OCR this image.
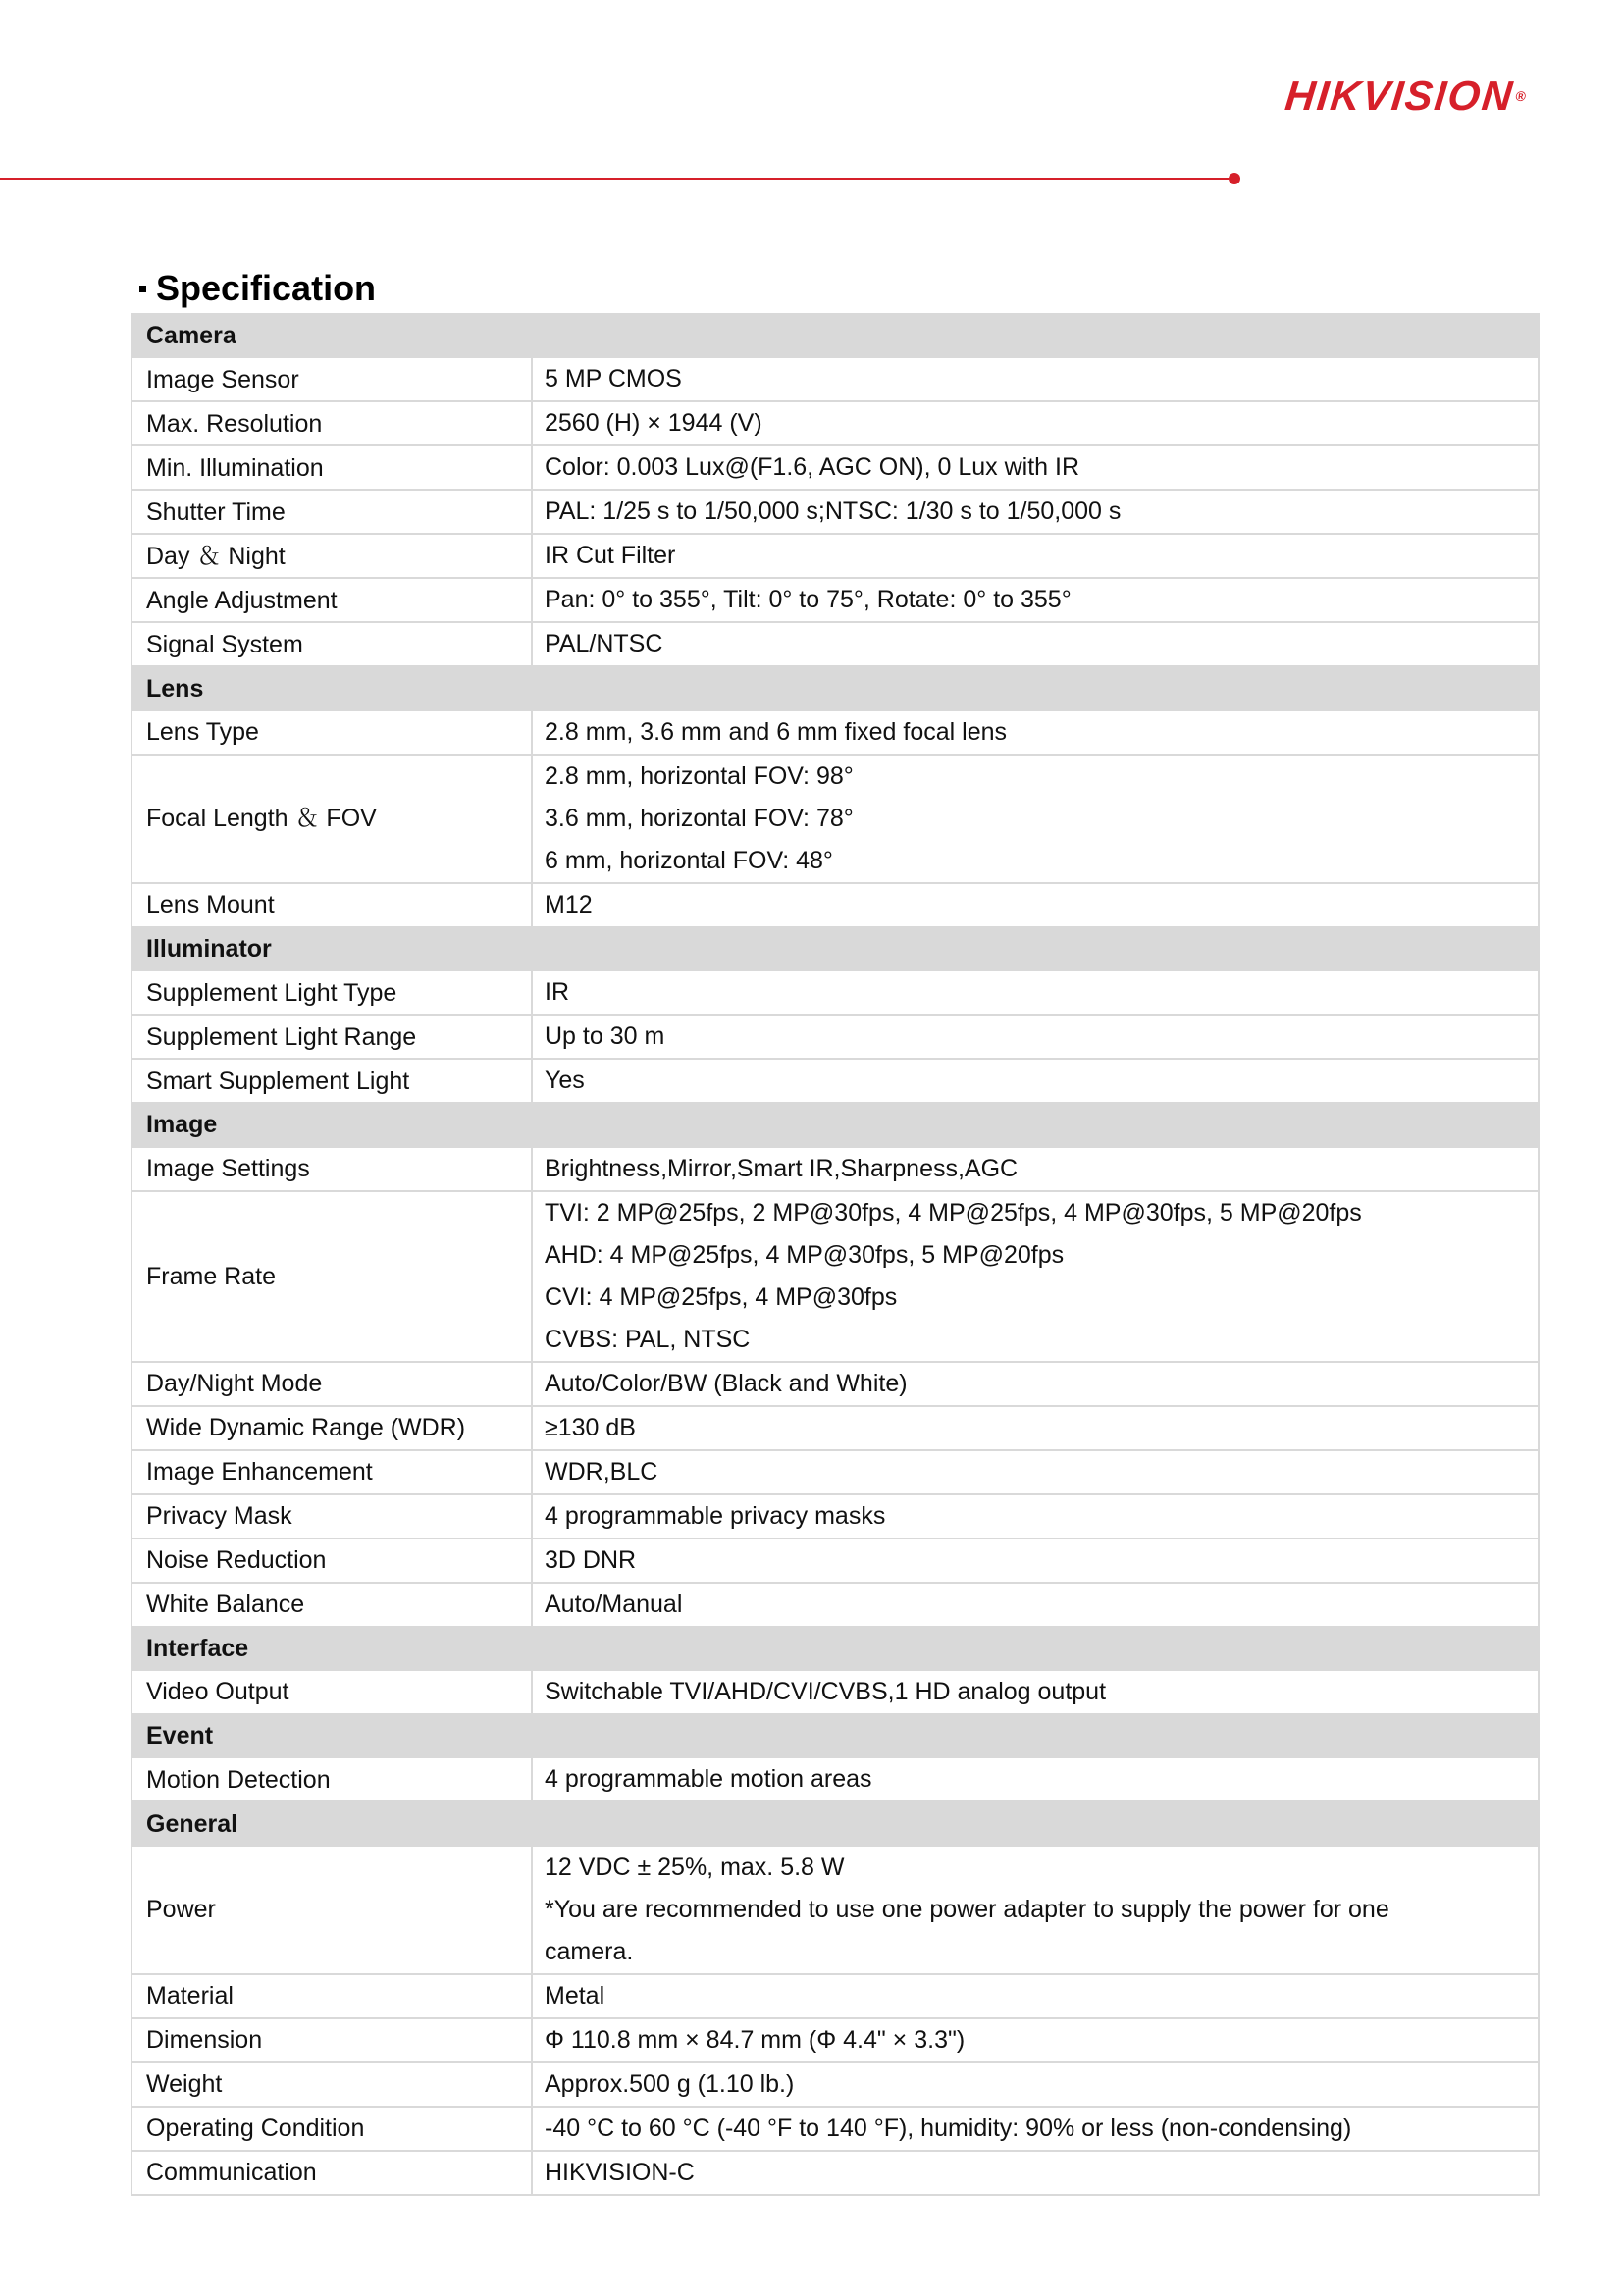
HIKVISION®
Specification
Camera	
Image Sensor	5 MP CMOS

Max. Resolution	2560 (H) × 1944 (V)

Min. Illumination	Color: 0.003 Lux@(F1.6, AGC ON), 0 Lux with IR

Shutter Time	PAL: 1/25 s to 1/50,000 s;NTSC: 1/30 s to 1/50,000 s

Day ＆ Night	IR Cut Filter

Angle Adjustment	Pan: 0° to 355°, Tilt: 0° to 75°, Rotate: 0° to 355°

Signal System	PAL/NTSC

Lens	
Lens Type	2.8 mm, 3.6 mm and 6 mm fixed focal lens

Focal Length ＆ FOV	2.8 mm, horizontal FOV: 98°
3.6 mm, horizontal FOV: 78°
6 mm, horizontal FOV: 48°

Lens Mount	M12

Illuminator	
Supplement Light Type	IR

Supplement Light Range	Up to 30 m

Smart Supplement Light	Yes

Image	
Image Settings	Brightness,Mirror,Smart IR,Sharpness,AGC

Frame Rate	TVI: 2 MP@25fps, 2 MP@30fps, 4 MP@25fps, 4 MP@30fps, 5 MP@20fps
AHD: 4 MP@25fps, 4 MP@30fps, 5 MP@20fps
CVI: 4 MP@25fps, 4 MP@30fps
CVBS: PAL, NTSC

Day/Night Mode	Auto/Color/BW (Black and White)

Wide Dynamic Range (WDR)	≥130 dB

Image Enhancement	WDR,BLC

Privacy Mask	4 programmable privacy masks

Noise Reduction	3D DNR

White Balance	Auto/Manual

Interface	
Video Output	Switchable TVI/AHD/CVI/CVBS,1 HD analog output

Event	
Motion Detection	4 programmable motion areas

General	
Power	12 VDC ± 25%, max. 5.8 W
*You are recommended to use one power adapter to supply the power for one
camera.

Material	Metal

Dimension	Φ 110.8 mm × 84.7 mm (Φ 4.4" × 3.3")

Weight	Approx.500 g (1.10 lb.)

Operating Condition	-40 °C to 60 °C (-40 °F to 140 °F), humidity: 90% or less (non-condensing)

Communication	HIKVISION-C
